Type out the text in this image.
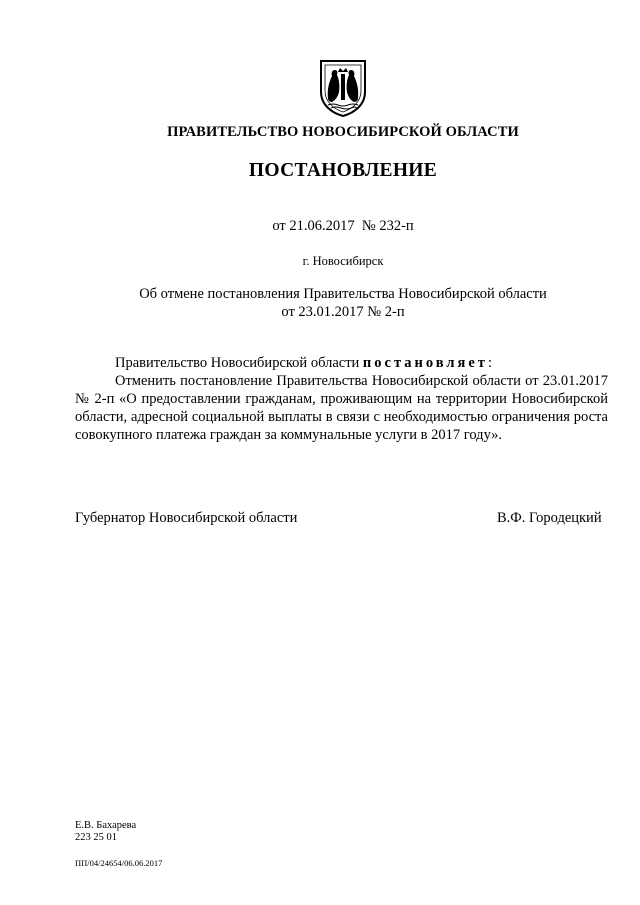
ПРАВИТЕЛЬСТВО НОВОСИБИРСКОЙ ОБЛАСТИ
ПОСТАНОВЛЕНИЕ
от 21.06.2017 № 232-п
г. Новосибирск
Об отмене постановления Правительства Новосибирской области
от 23.01.2017 № 2-п
Правительство Новосибирской области постановляет:
Отменить постановление Правительства Новосибирской области от 23.01.2017 № 2-п «О предоставлении гражданам, проживающим на территории Новосибирской области, адресной социальной выплаты в связи с необходимостью ограничения роста совокупного платежа граждан за коммунальные услуги в 2017 году».
Губернатор Новосибирской области	В.Ф. Городецкий
Е.В. Бахарева
223 25 01
ПП/04/24654/06.06.2017
